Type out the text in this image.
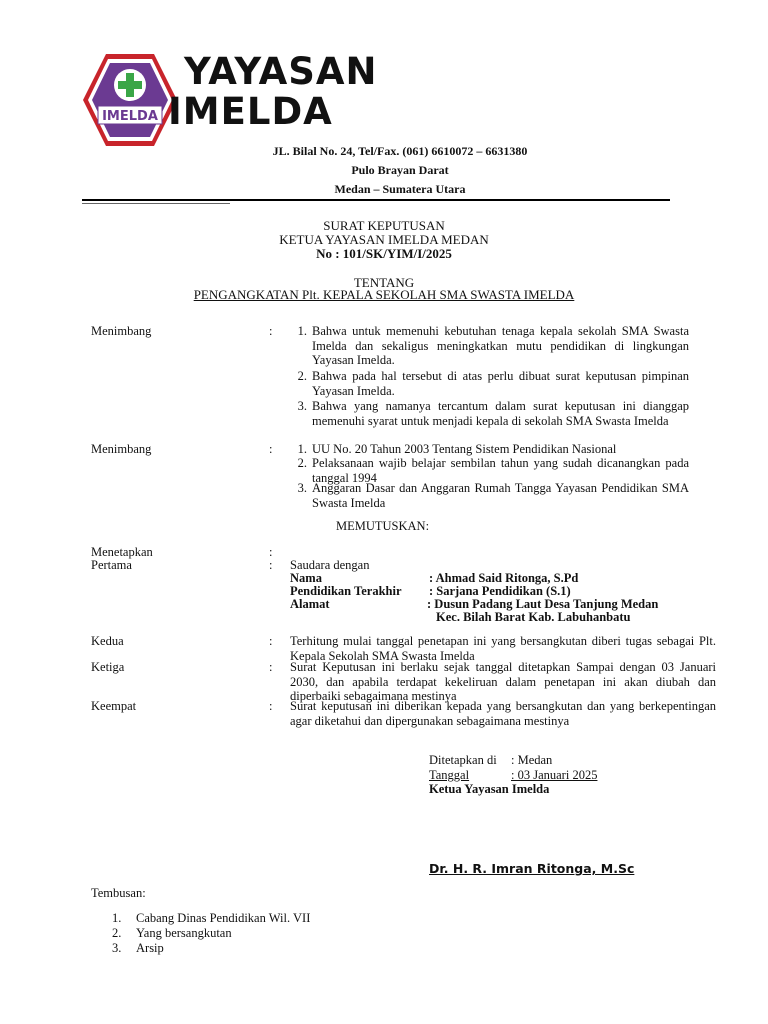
IMELDA
YAYASAN
IMELDA
JL. Bilal No. 24, Tel/Fax. (061) 6610072 – 6631380
Pulo Brayan Darat
Medan – Sumatera Utara
SURAT KEPUTUSAN
KETUA YAYASAN IMELDA MEDAN
No : 101/SK/YIM/I/2025
TENTANG
PENGANGKATAN Plt. KEPALA SEKOLAH SMA SWASTA IMELDA
Menimbang	:	1. Bahwa untuk memenuhi kebutuhan tenaga kepala sekolah SMA Swasta Imelda dan sekaligus meningkatkan mutu pendidikan di lingkungan Yayasan Imelda.
2. Bahwa pada hal tersebut di atas perlu dibuat surat keputusan pimpinan Yayasan Imelda.
3. Bahwa yang namanya tercantum dalam surat keputusan ini dianggap memenuhi syarat untuk menjadi kepala di sekolah SMA Swasta Imelda
Menimbang	:	1. UU No. 20 Tahun 2003 Tentang Sistem Pendidikan Nasional
2. Pelaksanaan wajib belajar sembilan tahun yang sudah dicanangkan pada tanggal 1994
3. Anggaran Dasar dan Anggaran Rumah Tangga Yayasan Pendidikan SMA Swasta Imelda
MEMUTUSKAN:
Menetapkan	:
Pertama	: Saudara dengan
Nama	: Ahmad Said Ritonga, S.Pd
Pendidikan Terakhir : Sarjana Pendidikan (S.1)
Alamat	: Dusun Padang Laut Desa Tanjung Medan
Kec. Bilah Barat Kab. Labuhanbatu
Kedua	: Terhitung mulai tanggal penetapan ini yang bersangkutan diberi tugas sebagai Plt. Kepala Sekolah SMA Swasta Imelda
Ketiga	: Surat Keputusan ini berlaku sejak tanggal ditetapkan Sampai dengan 03 Januari 2030, dan apabila terdapat kekeliruan dalam penetapan ini akan diubah dan diperbaiki sebagaimana mestinya
Keempat	: Surat keputusan ini diberikan kepada yang bersangkutan dan yang berkepentingan agar diketahui dan dipergunakan sebagaimana mestinya
Ditetapkan di : Medan
Tanggal	: 03 Januari 2025
Ketua Yayasan Imelda
Dr. H. R. Imran Ritonga, M.Sc
Tembusan:
1. Cabang Dinas Pendidikan Wil. VII
2. Yang bersangkutan
3. Arsip
